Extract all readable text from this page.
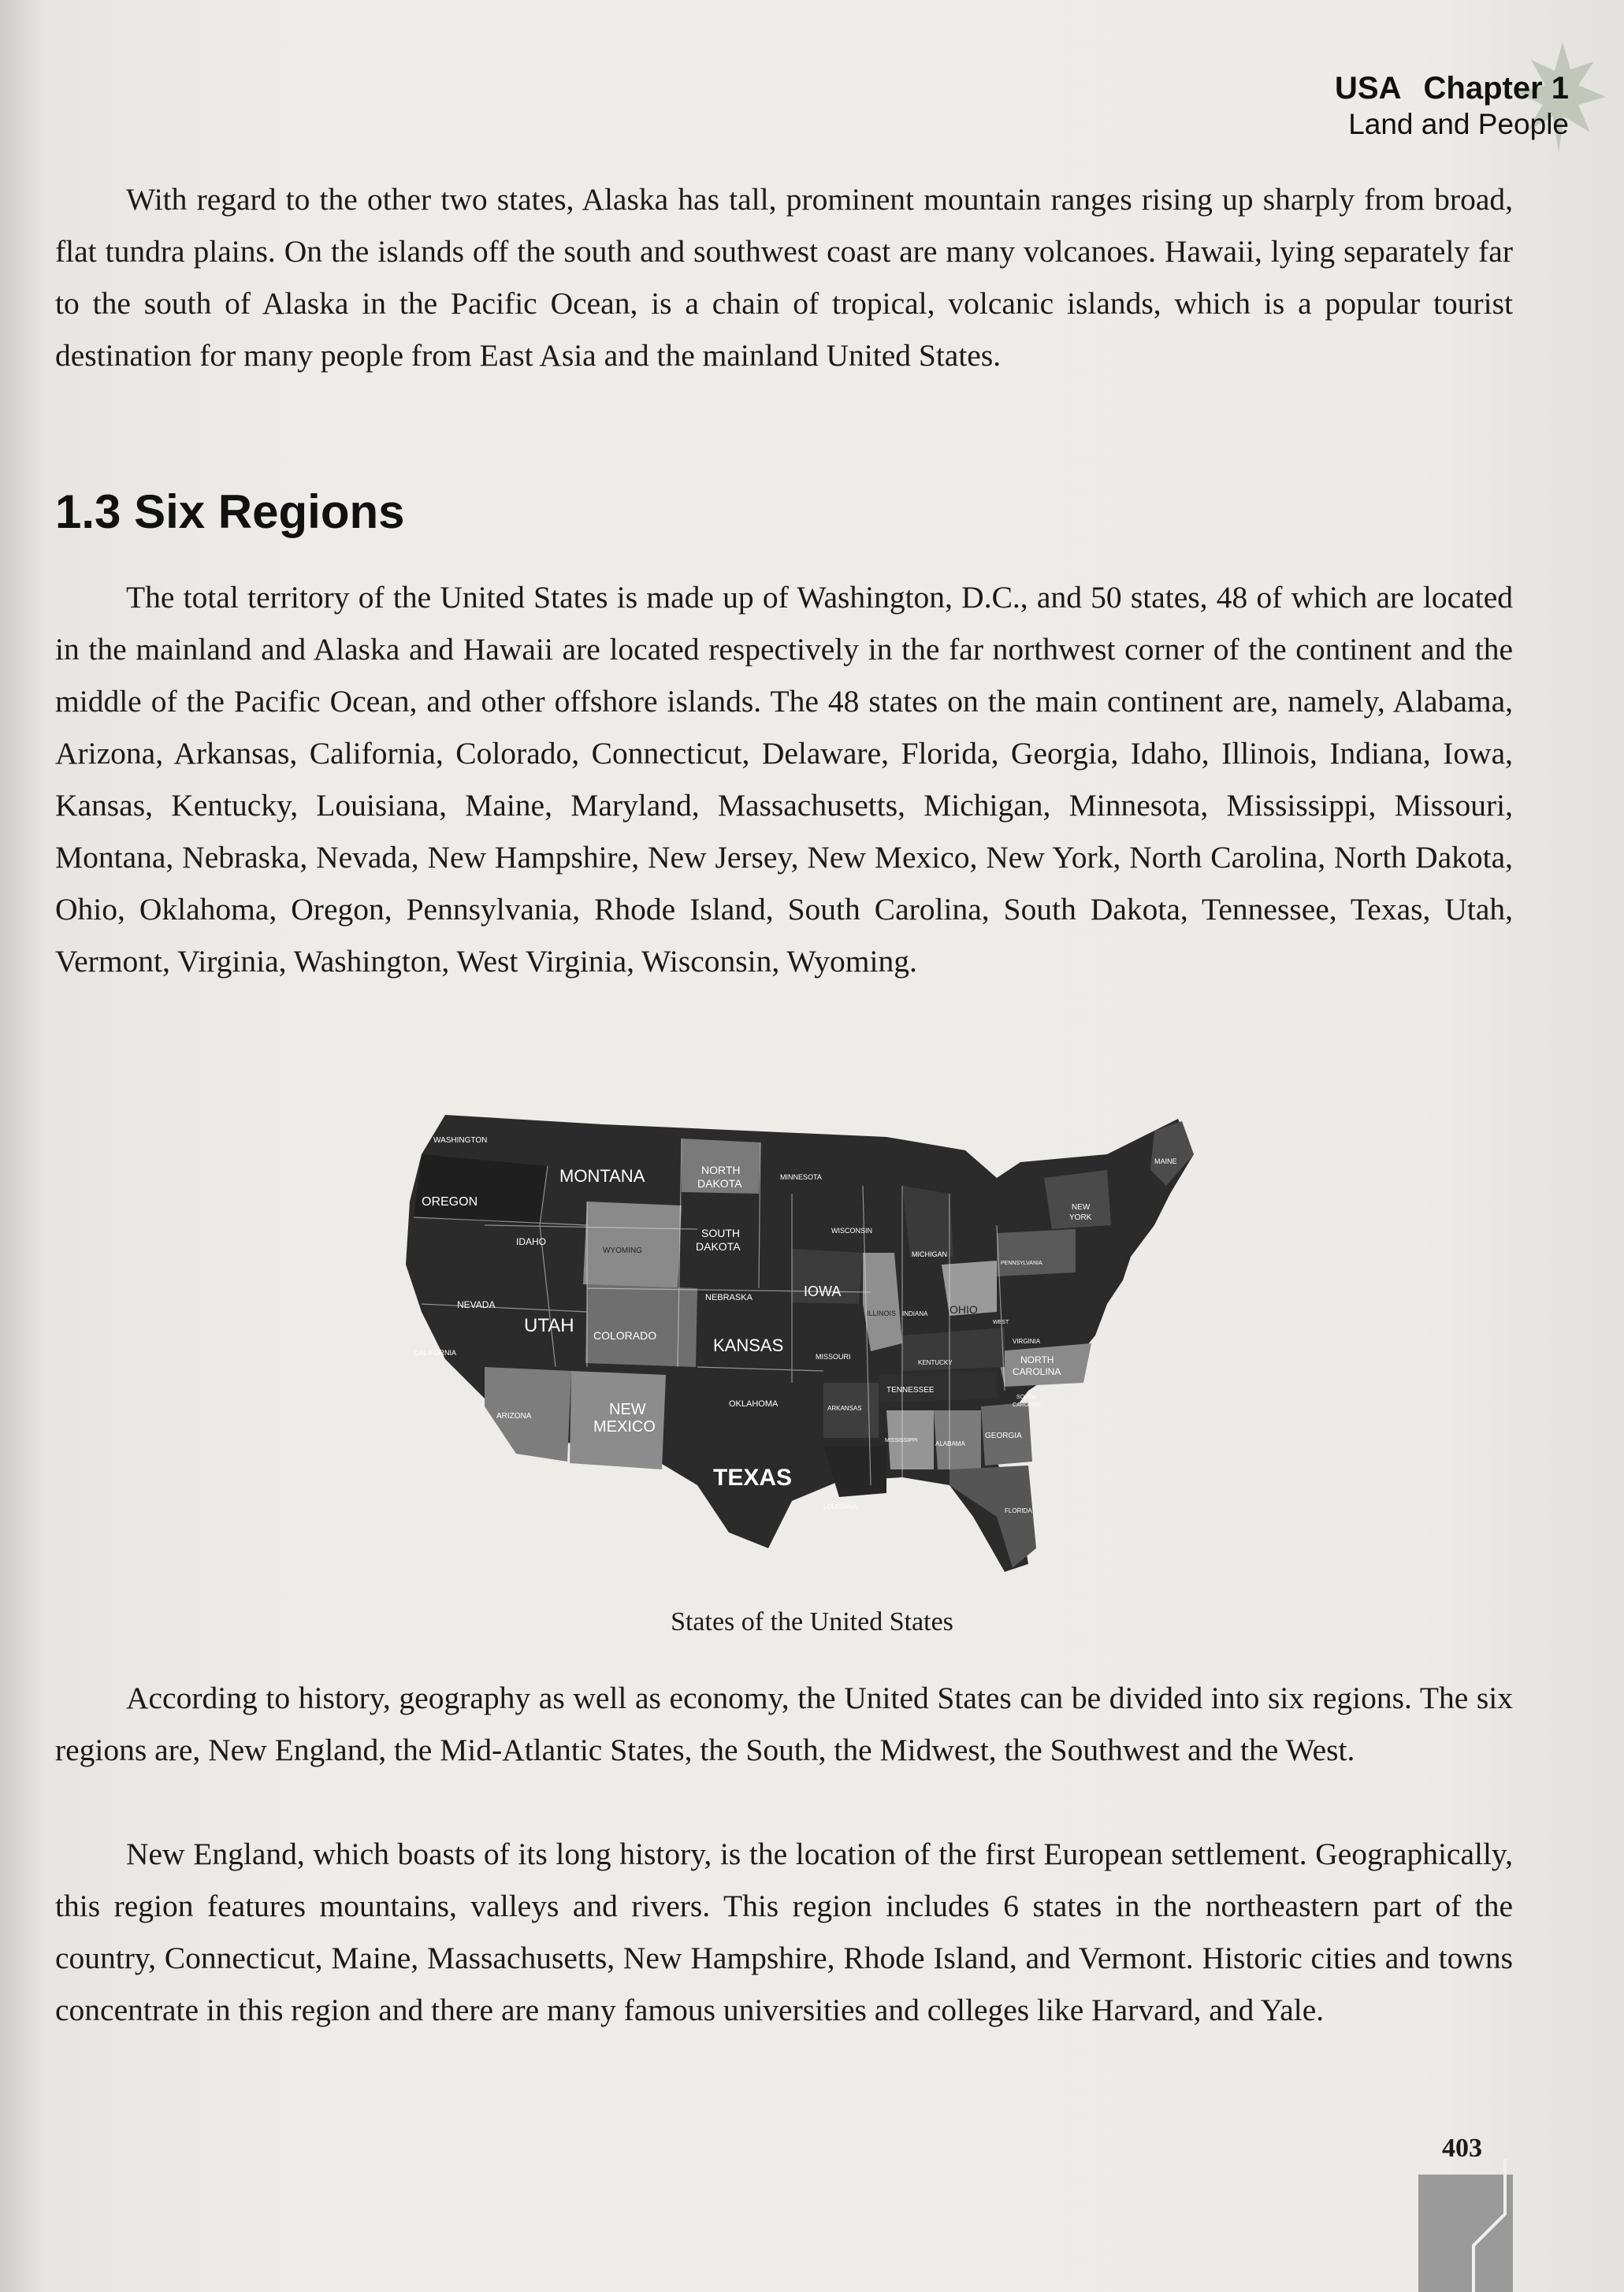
USA Chapter 1
Land and People

With regard to the other two states, Alaska has tall, prominent mountain ranges rising up sharply from broad, flat tundra plains. On the islands off the south and southwest coast are many volcanoes. Hawaii, lying separately far to the south of Alaska in the Pacific Ocean, is a chain of tropical, volcanic islands, which is a popular tourist destination for many people from East Asia and the mainland United States.

1.3 Six Regions

The total territory of the United States is made up of Washington, D.C., and 50 states, 48 of which are located in the mainland and Alaska and Hawaii are located respectively in the far northwest corner of the continent and the middle of the Pacific Ocean, and other offshore islands. The 48 states on the main continent are, namely, Alabama, Arizona, Arkansas, California, Colorado, Connecticut, Delaware, Florida, Georgia, Idaho, Illinois, Indiana, Iowa, Kansas, Kentucky, Louisiana, Maine, Maryland, Massachusetts, Michigan, Minnesota, Mississippi, Missouri, Montana, Nebraska, Nevada, New Hampshire, New Jersey, New Mexico, New York, North Carolina, North Dakota, Ohio, Oklahoma, Oregon, Pennsylvania, Rhode Island, South Carolina, South Dakota, Tennessee, Texas, Utah, Vermont, Virginia, Washington, West Virginia, Wisconsin, Wyoming.

WASHINGTON
OREGON
MONTANA	NORTH
DAKOTA	MINNESOTA
IDAHO
WYOMING
SOUTH
DAKOTA
WISCONSIN
MICHIGAN
NEBRASKA	IOWA
NEVADA
UTAH COLORADO	KANSAS
ILLINOIS INDIANA OHIO
CALIFORNIA	MISSOURI
KENTUCKY
VIRGINIA
WEST
ARIZONA	NEW
MEXICO
OKLAHOMA	ARKANSAS
TENNESSEE
NORTH
CAROLINA
SOUTH
CAROLINA
MISSISSIPPI	ALABAMA
GEORGIA
TEXAS
LOUISIANA
FLORIDA
PENNSYLVANIA
NEW
YORK
MAINE
States of the United States

According to history, geography as well as economy, the United States can be divided into six regions. The six regions are, New England, the Mid-Atlantic States, the South, the Midwest, the Southwest and the West.

New England, which boasts of its long history, is the location of the first European settlement. Geographically, this region features mountains, valleys and rivers. This region includes 6 states in the northeastern part of the country, Connecticut, Maine, Massachusetts, New Hampshire, Rhode Island, and Vermont. Historic cities and towns concentrate in this region and there are many famous universities and colleges like Harvard, and Yale.

403
